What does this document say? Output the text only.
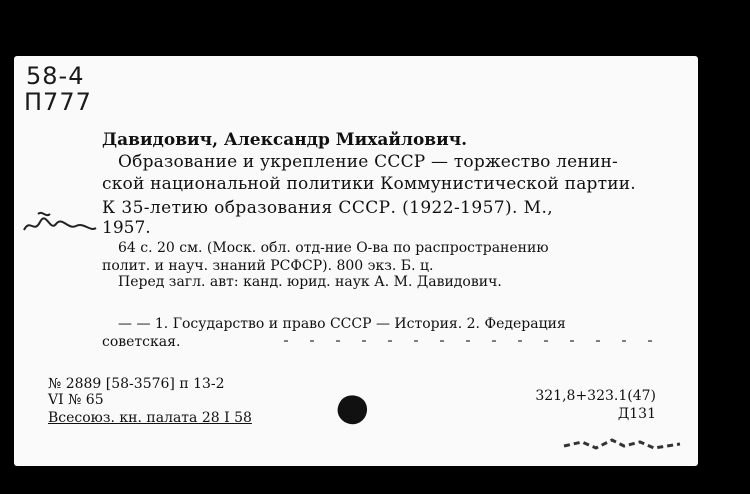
58-4
Π777
Давидович, Александр Михайлович.
Образование и укрепление СССР — торжество ленин-
ской национальной политики Коммунистической партии.
К 35-летию образования СССР. (1922-1957). М.,
1957.
64 с. 20 см. (Моск. обл. отд-ние О-ва по распространению
полит. и науч. знаний РСФСР). 800 экз. Б. ц.
Перед загл. авт: канд. юрид. наук А. М. Давидович.
— — 1. Государство и право СССР — История. 2. Федерация
советская.
№ 2889 [58-3576] п 13-2
VI № 65
Всесоюз. кн. палата 28 I 58
321,8+323.1(47)
Д131
